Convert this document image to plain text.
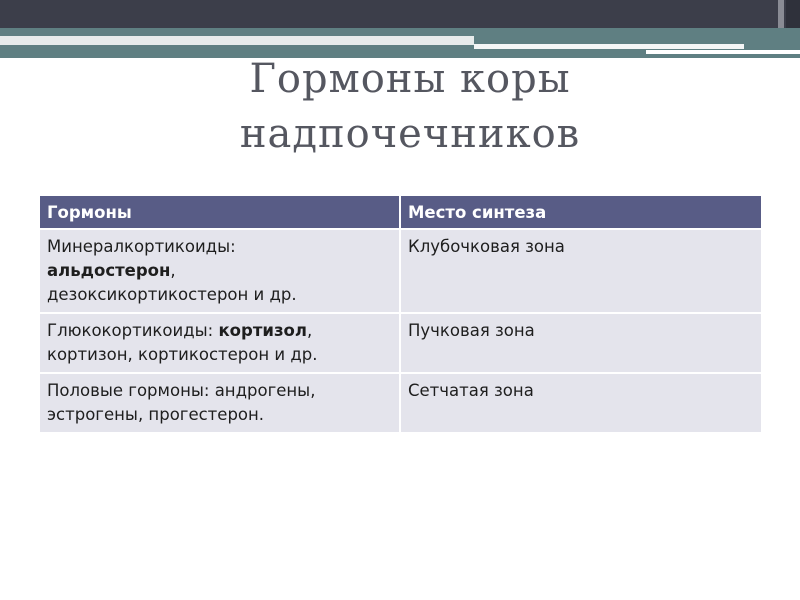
Гормоны коры
надпочечников
Гормоны	Место синтеза
Минералкортикоиды:
альдостерон,
дезоксикортикостерон и др.	Клубочковая зона
Глюкокортикоиды: кортизол,
кортизон, кортикостерон и др.	Пучковая зона
Половые гормоны: андрогены,
эстрогены, прогестерон.	Сетчатая зона
